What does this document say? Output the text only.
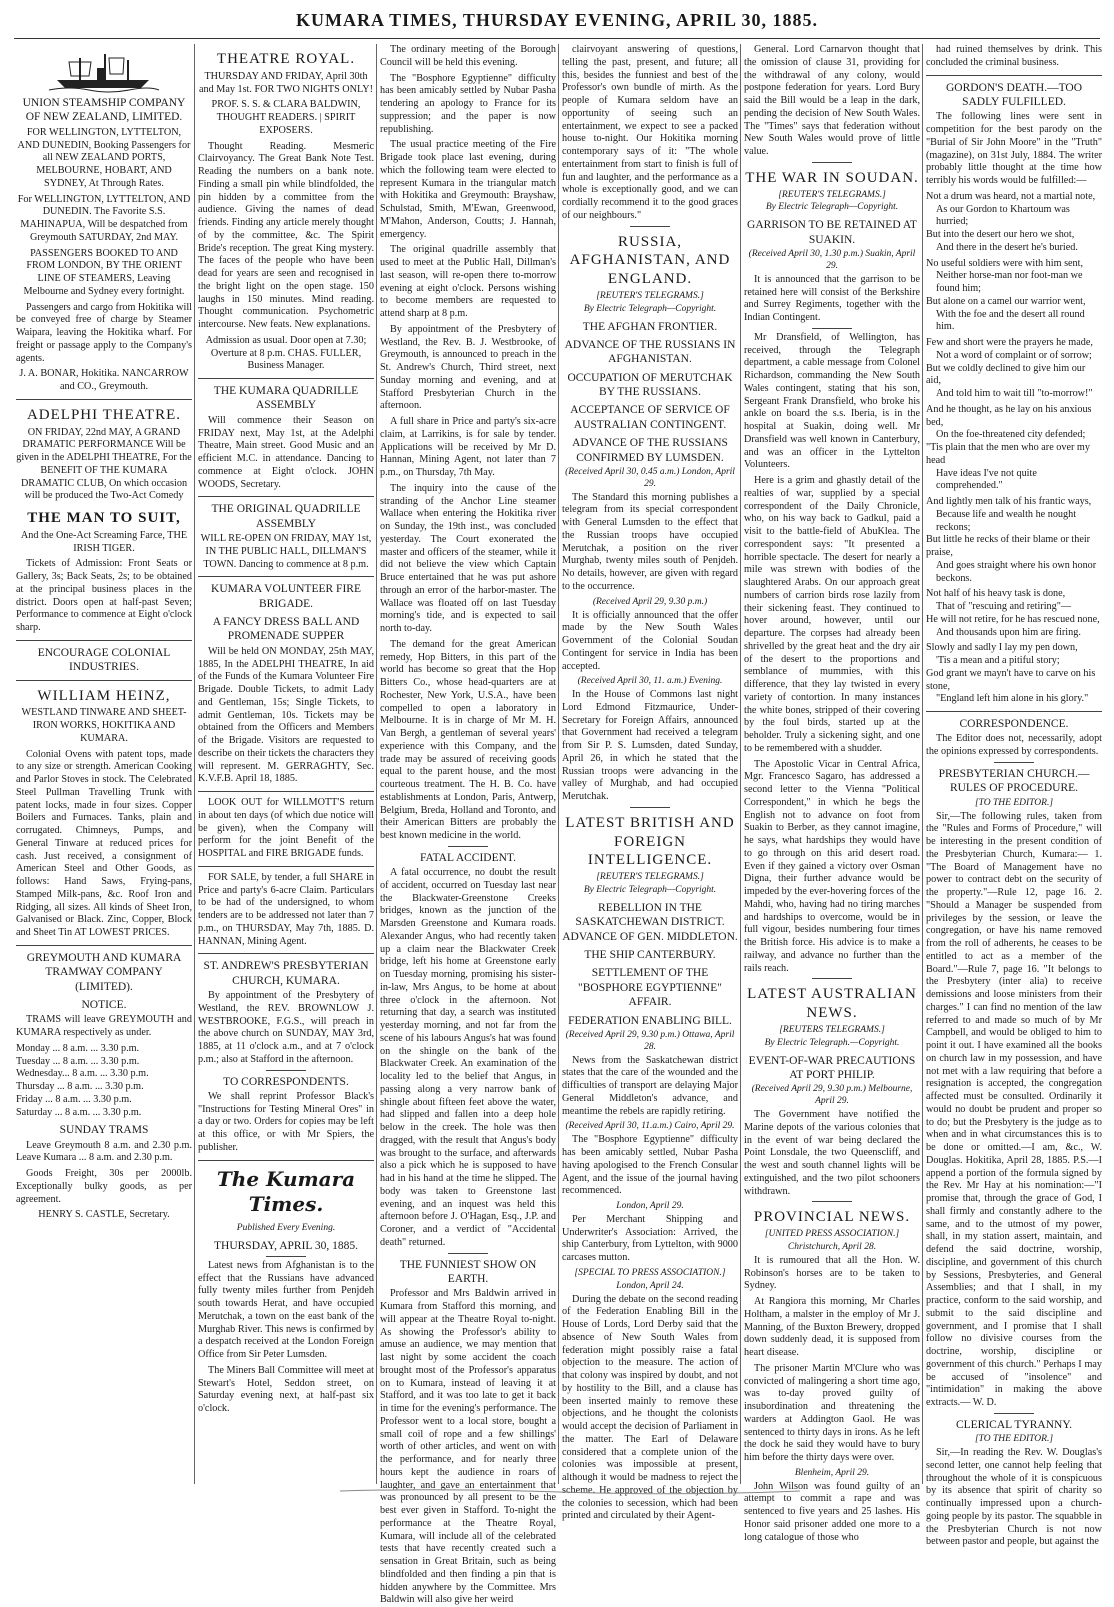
KUMARA TIMES, THURSDAY EVENING, APRIL 30, 1885.
UNION STEAMSHIP COMPANY OF NEW ZEALAND, LIMITED.

FOR WELLINGTON, LYTTELTON, AND DUNEDIN, Booking Passengers for all NEW ZEALAND PORTS, MELBOURNE, HOBART, AND SYDNEY, At Through Rates.

For WELLINGTON, LYTTELTON, AND DUNEDIN. The Favorite S.S. MAHINAPUA, Will be despatched from Greymouth SATURDAY, 2nd MAY.

PASSENGERS BOOKED TO AND FROM LONDON, BY THE ORIENT LINE OF STEAMERS, Leaving Melbourne and Sydney every fortnight.

Passengers and cargo from Hokitika will be conveyed free of charge by Steamer Waipara, leaving the Hokitika wharf. For freight or passage apply to the Company's agents.

J. A. BONAR, Hokitika. NANCARROW and CO., Greymouth.

ADELPHI THEATRE.

ON FRIDAY, 22nd MAY, A GRAND DRAMATIC PERFORMANCE Will be given in the ADELPHI THEATRE, For the BENEFIT OF THE KUMARA DRAMATIC CLUB, On which occasion will be produced the Two-Act Comedy

THE MAN TO SUIT,

And the One-Act Screaming Farce, THE IRISH TIGER.

Tickets of Admission: Front Seats or Gallery, 3s; Back Seats, 2s; to be obtained at the principal business places in the district. Doors open at half-past Seven; Performance to commence at Eight o'clock sharp.

ENCOURAGE COLONIAL INDUSTRIES.
WILLIAM HEINZ,

WESTLAND TINWARE AND SHEET-IRON WORKS, HOKITIKA AND KUMARA.

Colonial Ovens with patent tops, made to any size or strength. American Cooking and Parlor Stoves in stock. The Celebrated Steel Pullman Travelling Trunk with patent locks, made in four sizes. Copper Boilers and Furnaces. Tanks, plain and corrugated. Chimneys, Pumps, and General Tinware at reduced prices for cash. Just received, a consignment of American Steel and Other Goods, as follows: Hand Saws, Frying-pans, Stamped Milk-pans, &c. Roof Iron and Ridging, all sizes. All kinds of Sheet Iron, Galvanised or Black. Zinc, Copper, Block and Sheet Tin AT LOWEST PRICES.

GREYMOUTH AND KUMARA TRAMWAY COMPANY (LIMITED).
NOTICE.

TRAMS will leave GREYMOUTH and KUMARA respectively as under.

Monday ... 8 a.m. ... 3.30 p.m.
Tuesday ... 8 a.m. ... 3.30 p.m.
Wednesday... 8 a.m. ... 3.30 p.m.
Thursday ... 8 a.m. ... 3.30 p.m.
Friday ... 8 a.m. ... 3.30 p.m.
Saturday ... 8 a.m. ... 3.30 p.m.
SUNDAY TRAMS

Leave Greymouth 8 a.m. and 2.30 p.m. Leave Kumara ... 8 a.m. and 2.30 p.m.

Goods Freight, 30s per 2000lb. Exceptionally bulky goods, as per agreement.

HENRY S. CASTLE, Secretary.

THEATRE ROYAL.

THURSDAY AND FRIDAY, April 30th and May 1st. FOR TWO NIGHTS ONLY!

PROF. S. S. & CLARA BALDWIN, THOUGHT READERS. | SPIRIT EXPOSERS.

Thought Reading. Mesmeric Clairvoyancy. The Great Bank Note Test. Reading the numbers on a bank note. Finding a small pin while blindfolded, the pin hidden by a committee from the audience. Giving the names of dead friends. Finding any article merely thought of by the committee, &c. The Spirit Bride's reception. The great King mystery. The faces of the people who have been dead for years are seen and recognised in the bright light on the open stage. 150 laughs in 150 minutes. Mind reading. Thought communication. Psychometric intercourse. New feats. New explanations.

Admission as usual. Door open at 7.30; Overture at 8 p.m. CHAS. FULLER, Business Manager.

THE KUMARA QUADRILLE ASSEMBLY

Will commence their Season on FRIDAY next, May 1st, at the Adelphi Theatre, Main street. Good Music and an efficient M.C. in attendance. Dancing to commence at Eight o'clock. JOHN WOODS, Secretary.

THE ORIGINAL QUADRILLE ASSEMBLY

WILL RE-OPEN ON FRIDAY, MAY 1st, IN THE PUBLIC HALL, DILLMAN'S TOWN. Dancing to commence at 8 p.m.

KUMARA VOLUNTEER FIRE BRIGADE.
A FANCY DRESS BALL AND PROMENADE SUPPER

Will be held ON MONDAY, 25th MAY, 1885, In the ADELPHI THEATRE, In aid of the Funds of the Kumara Volunteer Fire Brigade. Double Tickets, to admit Lady and Gentleman, 15s; Single Tickets, to admit Gentleman, 10s. Tickets may be obtained from the Officers and Members of the Brigade. Visitors are requested to describe on their tickets the characters they will represent. M. GERRAGHTY, Sec. K.V.F.B. April 18, 1885.

LOOK OUT for WILLMOTT'S return in about ten days (of which due notice will be given), when the Company will perform for the joint Benefit of the HOSPITAL and FIRE BRIGADE funds.

FOR SALE, by tender, a full SHARE in Price and party's 6-acre Claim. Particulars to be had of the undersigned, to whom tenders are to be addressed not later than 7 p.m., on THURSDAY, May 7th, 1885. D. HANNAN, Mining Agent.

ST. ANDREW'S PRESBYTERIAN CHURCH, KUMARA.

By appointment of the Presbytery of Westland, the REV. BROWNLOW J. WESTBROOKE, F.G.S., will preach in the above church on SUNDAY, MAY 3rd, 1885, at 11 o'clock a.m., and at 7 o'clock p.m.; also at Stafford in the afternoon.

TO CORRESPONDENTS.

We shall reprint Professor Black's "Instructions for Testing Mineral Ores" in a day or two. Orders for copies may be left at this office, or with Mr Spiers, the publisher.

The Kumara Times.
Published Every Evening.
THURSDAY, APRIL 30, 1885.

Latest news from Afghanistan is to the effect that the Russians have advanced fully twenty miles further from Penjdeh south towards Herat, and have occupied Merutchak, a town on the east bank of the Murghab River. This news is confirmed by a despatch received at the London Foreign Office from Sir Peter Lumsden.

The Miners Ball Committee will meet at Stewart's Hotel, Seddon street, on Saturday evening next, at half-past six o'clock.

The ordinary meeting of the Borough Council will be held this evening.

The "Bosphore Egyptienne" difficulty has been amicably settled by Nubar Pasha tendering an apology to France for its suppression; and the paper is now republishing.

The usual practice meeting of the Fire Brigade took place last evening, during which the following team were elected to represent Kumara in the triangular match with Hokitika and Greymouth: Brayshaw, Schulstad, Smith, M'Ewan, Greenwood, M'Mahon, Anderson, Coutts; J. Hannah, emergency.

The original quadrille assembly that used to meet at the Public Hall, Dillman's last season, will re-open there to-morrow evening at eight o'clock. Persons wishing to become members are requested to attend sharp at 8 p.m.

By appointment of the Presbytery of Westland, the Rev. B. J. Westbrooke, of Greymouth, is announced to preach in the St. Andrew's Church, Third street, next Sunday morning and evening, and at Stafford Presbyterian Church in the afternoon.

A full share in Price and party's six-acre claim, at Larrikins, is for sale by tender. Applications will be received by Mr D. Hannan, Mining Agent, not later than 7 p.m., on Thursday, 7th May.

The inquiry into the cause of the stranding of the Anchor Line steamer Wallace when entering the Hokitika river on Sunday, the 19th inst., was concluded yesterday. The Court exonerated the master and officers of the steamer, while it did not believe the view which Captain Bruce entertained that he was put ashore through an error of the harbor-master. The Wallace was floated off on last Tuesday morning's tide, and is expected to sail north to-day.

The demand for the great American remedy, Hop Bitters, in this part of the world has become so great that the Hop Bitters Co., whose head-quarters are at Rochester, New York, U.S.A., have been compelled to open a laboratory in Melbourne. It is in charge of Mr M. H. Van Bergh, a gentleman of several years' experience with this Company, and the trade may be assured of receiving goods equal to the parent house, and the most courteous treatment. The H. B. Co. have establishments at London, Paris, Antwerp, Belgium, Breda, Holland and Toronto, and their American Bitters are probably the best known medicine in the world.

FATAL ACCIDENT.

A fatal occurrence, no doubt the result of accident, occurred on Tuesday last near the Blackwater-Greenstone Creeks bridges, known as the junction of the Marsden Greenstone and Kumara roads. Alexander Angus, who had recently taken up a claim near the Blackwater Creek bridge, left his home at Greenstone early on Tuesday morning, promising his sister-in-law, Mrs Angus, to be home at about three o'clock in the afternoon. Not returning that day, a search was instituted yesterday morning, and not far from the scene of his labours Angus's hat was found on the shingle on the bank of the Blackwater Creek. An examination of the locality led to the belief that Angus, in passing along a very narrow bank of shingle about fifteen feet above the water, had slipped and fallen into a deep hole below in the creek. The hole was then dragged, with the result that Angus's body was brought to the surface, and afterwards also a pick which he is supposed to have had in his hand at the time he slipped. The body was taken to Greenstone last evening, and an inquest was held this afternoon before J. O'Hagan, Esq., J.P. and Coroner, and a verdict of "Accidental death" returned.

THE FUNNIEST SHOW ON EARTH.

Professor and Mrs Baldwin arrived in Kumara from Stafford this morning, and will appear at the Theatre Royal to-night. As showing the Professor's ability to amuse an audience, we may mention that last night by some accident the coach brought most of the Professor's apparatus on to Kumara, instead of leaving it at Stafford, and it was too late to get it back in time for the evening's performance. The Professor went to a local store, bought a small coil of rope and a few shillings' worth of other articles, and went on with the performance, and for nearly three hours kept the audience in roars of laughter, and gave an entertainment that was pronounced by all present to be the best ever given in Stafford. To-night the performance at the Theatre Royal, Kumara, will include all of the celebrated tests that have recently created such a sensation in Great Britain, such as being blindfolded and then finding a pin that is hidden anywhere by the Committee. Mrs Baldwin will also give her weird

clairvoyant answering of questions, telling the past, present, and future; all this, besides the funniest and best of the Professor's own bundle of mirth. As the people of Kumara seldom have an opportunity of seeing such an entertainment, we expect to see a packed house to-night. Our Hokitika morning contemporary says of it: "The whole entertainment from start to finish is full of fun and laughter, and the performance as a whole is exceptionally good, and we can cordially recommend it to the good graces of our neighbours."

RUSSIA, AFGHANISTAN, AND ENGLAND.
[REUTER'S TELEGRAMS.]
By Electric Telegraph—Copyright.
THE AFGHAN FRONTIER.
ADVANCE OF THE RUSSIANS IN AFGHANISTAN.
OCCUPATION OF MERUTCHAK BY THE RUSSIANS.
ACCEPTANCE OF SERVICE OF AUSTRALIAN CONTINGENT.
ADVANCE OF THE RUSSIANS CONFIRMED BY LUMSDEN.
(Received April 30, 0.45 a.m.) London, April 29.

The Standard this morning publishes a telegram from its special correspondent with General Lumsden to the effect that the Russian troops have occupied Merutchak, a position on the river Murghab, twenty miles south of Penjdeh. No details, however, are given with regard to the occurrence.

(Received April 29, 9.30 p.m.)

It is officially announced that the offer made by the New South Wales Government of the Colonial Soudan Contingent for service in India has been accepted.

(Received April 30, 11. a.m.) Evening.

In the House of Commons last night Lord Edmond Fitzmaurice, Under-Secretary for Foreign Affairs, announced that Government had received a telegram from Sir P. S. Lumsden, dated Sunday, April 26, in which he stated that the Russian troops were advancing in the valley of Murghab, and had occupied Merutchak.

LATEST BRITISH AND FOREIGN INTELLIGENCE.
[REUTER'S TELEGRAMS.]
By Electric Telegraph—Copyright.
REBELLION IN THE SASKATCHEWAN DISTRICT. ADVANCE OF GEN. MIDDLETON.
THE SHIP CANTERBURY.
SETTLEMENT OF THE "BOSPHORE EGYPTIENNE" AFFAIR.
FEDERATION ENABLING BILL.
(Received April 29, 9.30 p.m.) Ottawa, April 28.

News from the Saskatchewan district states that the care of the wounded and the difficulties of transport are delaying Major General Middleton's advance, and meantime the rebels are rapidly retiring.

(Received April 30, 11.a.m.) Cairo, April 29.

The "Bosphore Egyptienne" difficulty has been amicably settled, Nubar Pasha having apologised to the French Consular Agent, and the issue of the journal having recommenced.

London, April 29.

Per Merchant Shipping and Underwriter's Association: Arrived, the ship Canterbury, from Lyttelton, with 9000 carcases mutton.

[SPECIAL TO PRESS ASSOCIATION.]
London, April 24.

During the debate on the second reading of the Federation Enabling Bill in the House of Lords, Lord Derby said that the absence of New South Wales from federation might possibly raise a fatal objection to the measure. The action of that colony was inspired by doubt, and not by hostility to the Bill, and a clause has been inserted mainly to remove these objections, and he thought the colonists would accept the decision of Parliament in the matter. The Earl of Delaware considered that a complete union of the colonies was impossible at present, although it would be madness to reject the scheme. He approved of the objection by the colonies to secession, which had been printed and circulated by their Agent-

General. Lord Carnarvon thought that the omission of clause 31, providing for the withdrawal of any colony, would postpone federation for years. Lord Bury said the Bill would be a leap in the dark, pending the decision of New South Wales. The "Times" says that federation without New South Wales would prove of little value.

THE WAR IN SOUDAN.
[REUTER'S TELEGRAMS.]
By Electric Telegraph—Copyright.
GARRISON TO BE RETAINED AT SUAKIN.
(Received April 30, 1.30 p.m.) Suakin, April 29.

It is announced that the garrison to be retained here will consist of the Berkshire and Surrey Regiments, together with the Indian Contingent.

Mr Dransfield, of Wellington, has received, through the Telegraph department, a cable message from Colonel Richardson, commanding the New South Wales contingent, stating that his son, Sergeant Frank Dransfield, who broke his ankle on board the s.s. Iberia, is in the hospital at Suakin, doing well. Mr Dransfield was well known in Canterbury, and was an officer in the Lyttelton Volunteers.

Here is a grim and ghastly detail of the realties of war, supplied by a special correspondent of the Daily Chronicle, who, on his way back to Gadkul, paid a visit to the battle-field of AbuKlea. The correspondent says: "It presented a horrible spectacle. The desert for nearly a mile was strewn with bodies of the slaughtered Arabs. On our approach great numbers of carrion birds rose lazily from their sickening feast. They continued to hover around, however, until our departure. The corpses had already been shrivelled by the great heat and the dry air of the desert to the proportions and semblance of mummies, with this difference, that they lay twisted in every variety of contortion. In many instances the white bones, stripped of their covering by the foul birds, started up at the beholder. Truly a sickening sight, and one to be remembered with a shudder.

The Apostolic Vicar in Central Africa, Mgr. Francesco Sagaro, has addressed a second letter to the Vienna "Political Correspondent," in which he begs the English not to advance on foot from Suakin to Berber, as they cannot imagine, he says, what hardships they would have to go through on this arid desert road. Even if they gained a victory over Osman Digna, their further advance would be impeded by the ever-hovering forces of the Mahdi, who, having had no tiring marches and hardships to overcome, would be in full vigour, besides numbering four times the British force. His advice is to make a railway, and advance no further than the rails reach.

LATEST AUSTRALIAN NEWS.
[REUTERS TELEGRAMS.]
By Electric Telegraph.—Copyright.
EVENT-OF-WAR PRECAUTIONS AT PORT PHILIP.
(Received April 29, 9.30 p.m.) Melbourne, April 29.

The Government have notified the Marine depots of the various colonies that in the event of war being declared the Point Lonsdale, the two Queenscliff, and the west and south channel lights will be extinguished, and the two pilot schooners withdrawn.

PROVINCIAL NEWS.
[UNITED PRESS ASSOCIATION.]
Christchurch, April 28.

It is rumoured that all the Hon. W. Robinson's horses are to be taken to Sydney.

At Rangiora this morning, Mr Charles Holtham, a malster in the employ of Mr J. Manning, of the Buxton Brewery, dropped down suddenly dead, it is supposed from heart disease.

The prisoner Martin M'Clure who was convicted of malingering a short time ago, was to-day proved guilty of insubordination and threatening the warders at Addington Gaol. He was sentenced to thirty days in irons. As he left the dock he said they would have to bury him before the thirty days were over.

Blenheim, April 29.

John Wilson was found guilty of an attempt to commit a rape and was sentenced to five years and 25 lashes. His Honor said prisoner added one more to a long catalogue of those who

had ruined themselves by drink. This concluded the criminal business.

GORDON'S DEATH.—TOO SADLY FULFILLED.

The following lines were sent in competition for the best parody on the "Burial of Sir John Moore" in the "Truth" (magazine), on 31st July, 1884. The writer probably little thought at the time how terribly his words would be fulfilled:—

Not a drum was heard, not a martial note,
As our Gordon to Khartoum was hurried;
But into the desert our hero we shot,
And there in the desert he's buried.
No useful soldiers were with him sent,
Neither horse-man nor foot-man we found him;
But alone on a camel our warrior went,
With the foe and the desert all round him.
Few and short were the prayers he made,
Not a word of complaint or of sorrow;
But we coldly declined to give him our aid,
And told him to wait till "to-morrow!"
And he thought, as he lay on his anxious bed,
On the foe-threatened city defended;
"Tis plain that the men who are over my head
Have ideas I've not quite comprehended."
And lightly men talk of his frantic ways,
Because life and wealth he nought reckons;
But little he recks of their blame or their praise,
And goes straight where his own honor beckons.
Not half of his heavy task is done,
That of "rescuing and retiring"—
He will not retire, for he has rescued none,
And thousands upon him are firing.
Slowly and sadly I lay my pen down,
'Tis a mean and a pitiful story;
God grant we mayn't have to carve on his stone,
"England left him alone in his glory."
CORRESPONDENCE.

The Editor does not, necessarily, adopt the opinions expressed by correspondents.

PRESBYTERIAN CHURCH.—RULES OF PROCEDURE.
[TO THE EDITOR.]

Sir,—The following rules, taken from the "Rules and Forms of Procedure," will be interesting in the present condition of the Presbyterian Church, Kumara:— 1. "The Board of Management have no power to contract debt on the security of the property."—Rule 12, page 16. 2. "Should a Manager be suspended from privileges by the session, or leave the congregation, or have his name removed from the roll of adherents, he ceases to be entitled to act as a member of the Board."—Rule 7, page 16. "It belongs to the Presbytery (inter alia) to receive demissions and loose ministers from their charges." I can find no mention of the law referred to and made so much of by Mr Campbell, and would be obliged to him to point it out. I have examined all the books on church law in my possession, and have not met with a law requiring that before a resignation is accepted, the congregation affected must be consulted. Ordinarily it would no doubt be prudent and proper so to do; but the Presbytery is the judge as to when and in what circumstances this is to be done or omitted.—I am, &c., W. Douglas. Hokitika, April 28, 1885. P.S.—I append a portion of the formula signed by the Rev. Mr Hay at his nomination:—"I promise that, through the grace of God, I shall firmly and constantly adhere to the same, and to the utmost of my power, shall, in my station assert, maintain, and defend the said doctrine, worship, discipline, and government of this church by Sessions, Presbyteries, and General Assemblies; and that I shall, in my practice, conform to the said worship, and submit to the said discipline and government, and I promise that I shall follow no divisive courses from the doctrine, worship, discipline or government of this church." Perhaps I may be accused of "insolence" and "intimidation" in making the above extracts.— W. D.

CLERICAL TYRANNY.
[TO THE EDITOR.]

Sir,—In reading the Rev. W. Douglas's second letter, one cannot help feeling that throughout the whole of it is conspicuous by its absence that spirit of charity so continually impressed upon a church-going people by its pastor. The squabble in the Presbyterian Church is not now between pastor and people, but against the
